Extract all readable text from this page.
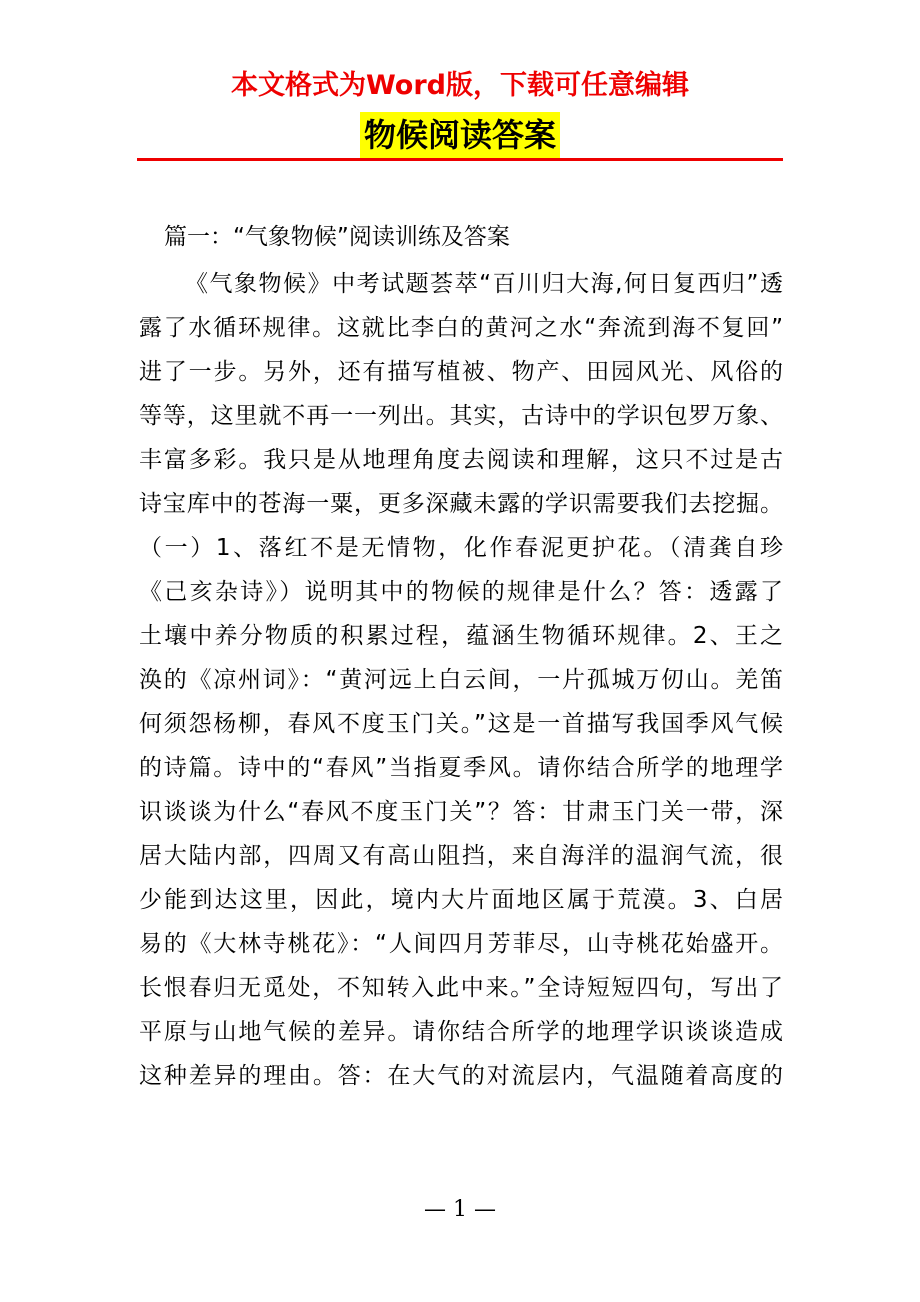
本文格式为Word版，下载可任意编辑
物候阅读答案
篇一：“气象物候”阅读训练及答案
《气象物候》中考试题荟萃“百川归大海,何日复西归”透
露了水循环规律。这就比李白的黄河之水“奔流到海不复回”
进了一步。另外，还有描写植被、物产、田园风光、风俗的
等等，这里就不再一一列出。其实，古诗中的学识包罗万象、
丰富多彩。我只是从地理角度去阅读和理解，这只不过是古
诗宝库中的苍海一粟，更多深藏未露的学识需要我们去挖掘。
（一）1、落红不是无情物，化作春泥更护花。（清龚自珍
《己亥杂诗》）说明其中的物候的规律是什么？答：透露了
土壤中养分物质的积累过程，蕴涵生物循环规律。2、王之
涣的《凉州词》：“黄河远上白云间，一片孤城万仞山。羌笛
何须怨杨柳，春风不度玉门关。”这是一首描写我国季风气候
的诗篇。诗中的“春风”当指夏季风。请你结合所学的地理学
识谈谈为什么“春风不度玉门关”？答：甘肃玉门关一带，深
居大陆内部，四周又有高山阻挡，来自海洋的温润气流，很
少能到达这里，因此，境内大片面地区属于荒漠。3、白居
易的《大林寺桃花》：“人间四月芳菲尽，山寺桃花始盛开。
长恨春归无觅处，不知转入此中来。”全诗短短四句，写出了
平原与山地气候的差异。请你结合所学的地理学识谈谈造成
这种差异的理由。答：在大气的对流层内，气温随着高度的
— 1 —
